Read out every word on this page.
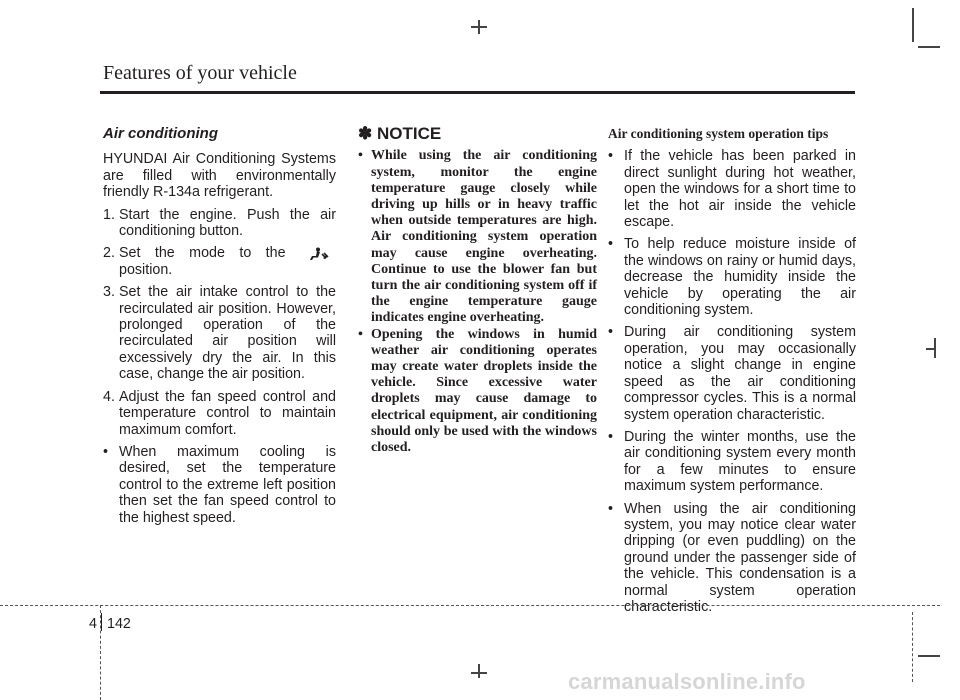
Features of your vehicle
Air conditioning

HYUNDAI Air Conditioning Systems are filled with environmentally friendly R-134a refrigerant.

1. Start the engine. Push the air conditioning button.
2. Set the mode to the  position.
3. Set the air intake control to the recirculated air position. However, prolonged operation of the recirculated air position will excessively dry the air. In this case, change the air position.
4. Adjust the fan speed control and temperature control to maintain maximum comfort.
• When maximum cooling is desired, set the temperature control to the extreme left position then set the fan speed control to the highest speed.
✽ NOTICE
• While using the air conditioning system, monitor the engine temperature gauge closely while driving up hills or in heavy traffic when outside temperatures are high. Air conditioning system operation may cause engine overheating. Continue to use the blower fan but turn the air conditioning system off if the engine temperature gauge indicates engine overheating.
• Opening the windows in humid weather air conditioning operates may create water droplets inside the vehicle. Since excessive water droplets may cause damage to electrical equipment, air conditioning should only be used with the windows closed.
Air conditioning system operation tips
• If the vehicle has been parked in direct sunlight during hot weather, open the windows for a short time to let the hot air inside the vehicle escape.
• To help reduce moisture inside of the windows on rainy or humid days, decrease the humidity inside the vehicle by operating the air conditioning system.
• During air conditioning system operation, you may occasionally notice a slight change in engine speed as the air conditioning compressor cycles. This is a normal system operation characteristic.
• During the winter months, use the air conditioning system every month for a few minutes to ensure maximum system performance.
• When using the air conditioning system, you may notice clear water dripping (or even puddling) on the ground under the passenger side of the vehicle. This condensation is a normal system operation characteristic.
4 142
carmanualsonline.info
